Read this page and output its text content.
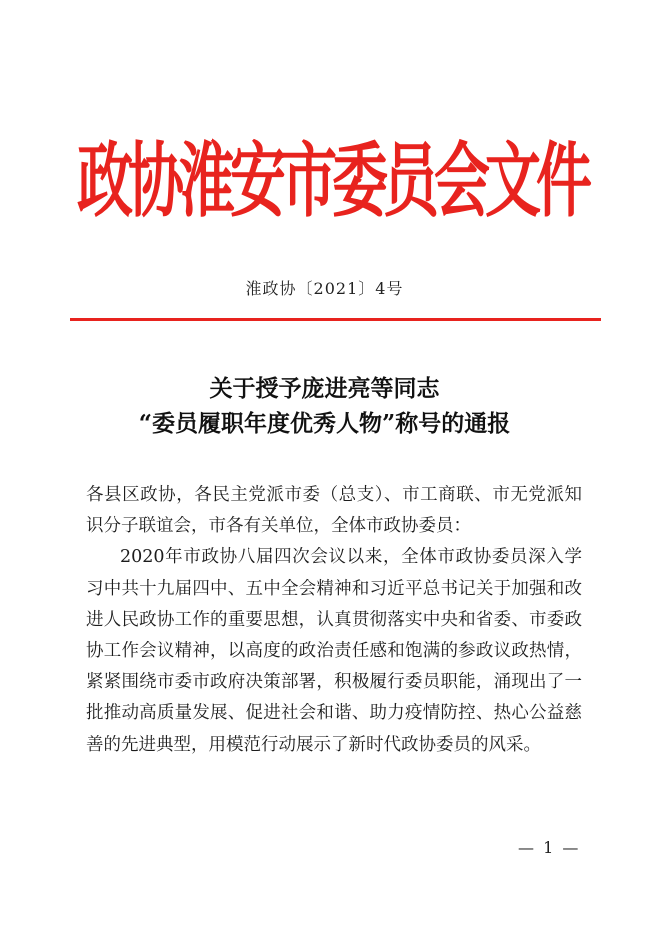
政协淮安市委员会文件
淮政协〔2021〕4号
关于授予庞进亮等同志
“委员履职年度优秀人物”称号的通报

各县区政协，各民主党派市委（总支）、市工商联、市无党派知识分子联谊会，市各有关单位，全体市政协委员：

2020年市政协八届四次会议以来，全体市政协委员深入学习中共十九届四中、五中全会精神和习近平总书记关于加强和改进人民政协工作的重要思想，认真贯彻落实中央和省委、市委政协工作会议精神，以高度的政治责任感和饱满的参政议政热情，紧紧围绕市委市政府决策部署，积极履行委员职能，涌现出了一批推动高质量发展、促进社会和谐、助力疫情防控、热心公益慈善的先进典型，用模范行动展示了新时代政协委员的风采。

— 1 —
